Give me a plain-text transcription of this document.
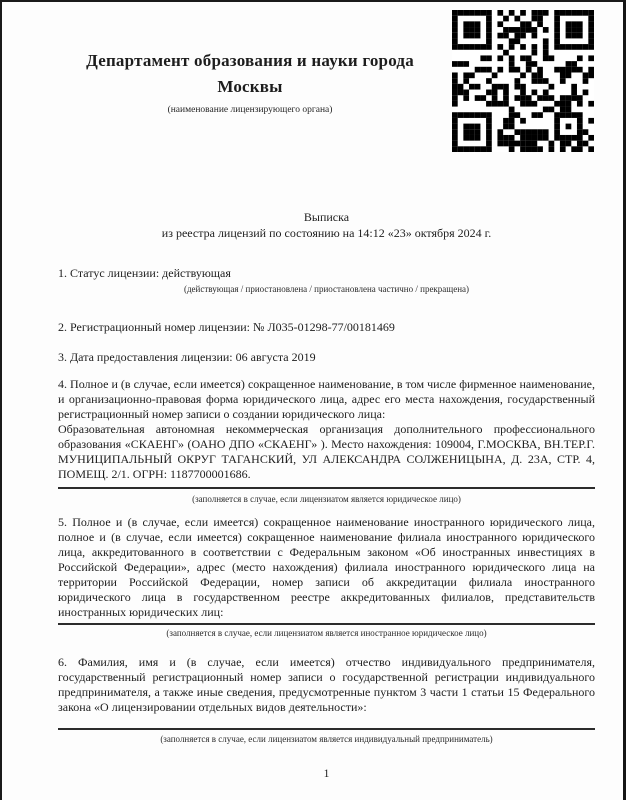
Департамент образования и науки города
Москвы
(наименование лицензирующего органа)
Выписка
из реестра лицензий по состоянию на 14:12 «23» октября 2024 г.

1. Статус лицензии: действующая

(действующая / приостановлена / приостановлена частично / прекращена)

2. Регистрационный номер лицензии: № Л035-01298-77/00181469

3. Дата предоставления лицензии: 06 августа 2019

4. Полное и (в случае, если имеется) сокращенное наименование, в том числе фирменное наименование, и организационно-правовая форма юридического лица, адрес его места нахождения, государственный регистрационный номер записи о создании юридического лица:

Образовательная автономная некоммерческая организация дополнительного профессионального образования «СКАЕНГ» (ОАНО ДПО «СКАЕНГ» ). Место нахождения: 109004, Г.МОСКВА, ВН.ТЕР.Г. МУНИЦИПАЛЬНЫЙ ОКРУГ ТАГАНСКИЙ, УЛ АЛЕКСАНДРА СОЛЖЕНИЦЫНА, Д. 23А, СТР. 4, ПОМЕЩ. 2/1. ОГРН: 1187700001686.

(заполняется в случае, если лицензиатом является юридическое лицо)

5. Полное и (в случае, если имеется) сокращенное наименование иностранного юридического лица, полное и (в случае, если имеется) сокращенное наименование филиала иностранного юридического лица, аккредитованного в соответствии с Федеральным законом «Об иностранных инвестициях в Российской Федерации», адрес (место нахождения) филиала иностранного юридического лица на территории Российской Федерации, номер записи об аккредитации филиала иностранного юридического лица в государственном реестре аккредитованных филиалов, представительств иностранных юридических лиц:

(заполняется в случае, если лицензиатом является иностранное юридическое лицо)

6. Фамилия, имя и (в случае, если имеется) отчество индивидуального предпринимателя, государственный регистрационный номер записи о государственной регистрации индивидуального предпринимателя, а также иные сведения, предусмотренные пунктом 3 части 1 статьи 15 Федерального закона «О лицензировании отдельных видов деятельности»:

(заполняется в случае, если лицензиатом является индивидуальный предприниматель)
1
